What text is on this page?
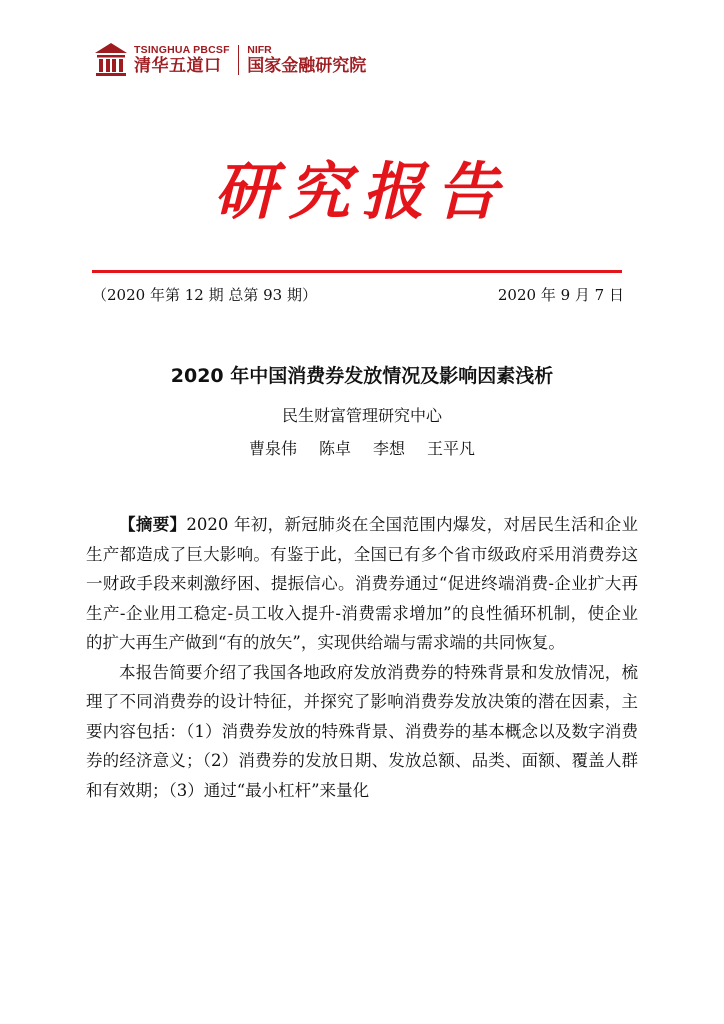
TSINGHUA PBCSF
清华五道口
NIFR
国家金融研究院
研究报告
（2020 年第 12 期 总第 93 期）	2020 年 9 月 7 日
2020 年中国消费券发放情况及影响因素浅析
民生财富管理研究中心
曹泉伟 陈卓 李想 王平凡

【摘要】2020 年初，新冠肺炎在全国范围内爆发，对居民生活和企业生产都造成了巨大影响。有鉴于此，全国已有多个省市级政府采用消费券这一财政手段来刺激纾困、提振信心。消费券通过“促进终端消费-企业扩大再生产-企业用工稳定-员工收入提升-消费需求增加”的良性循环机制，使企业的扩大再生产做到“有的放矢”，实现供给端与需求端的共同恢复。

本报告简要介绍了我国各地政府发放消费券的特殊背景和发放情况，梳理了不同消费券的设计特征，并探究了影响消费券发放决策的潜在因素，主要内容包括：（1）消费券发放的特殊背景、消费券的基本概念以及数字消费券的经济意义；（2）消费券的发放日期、发放总额、品类、面额、覆盖人群和有效期；（3）通过“最小杠杆”来量化
